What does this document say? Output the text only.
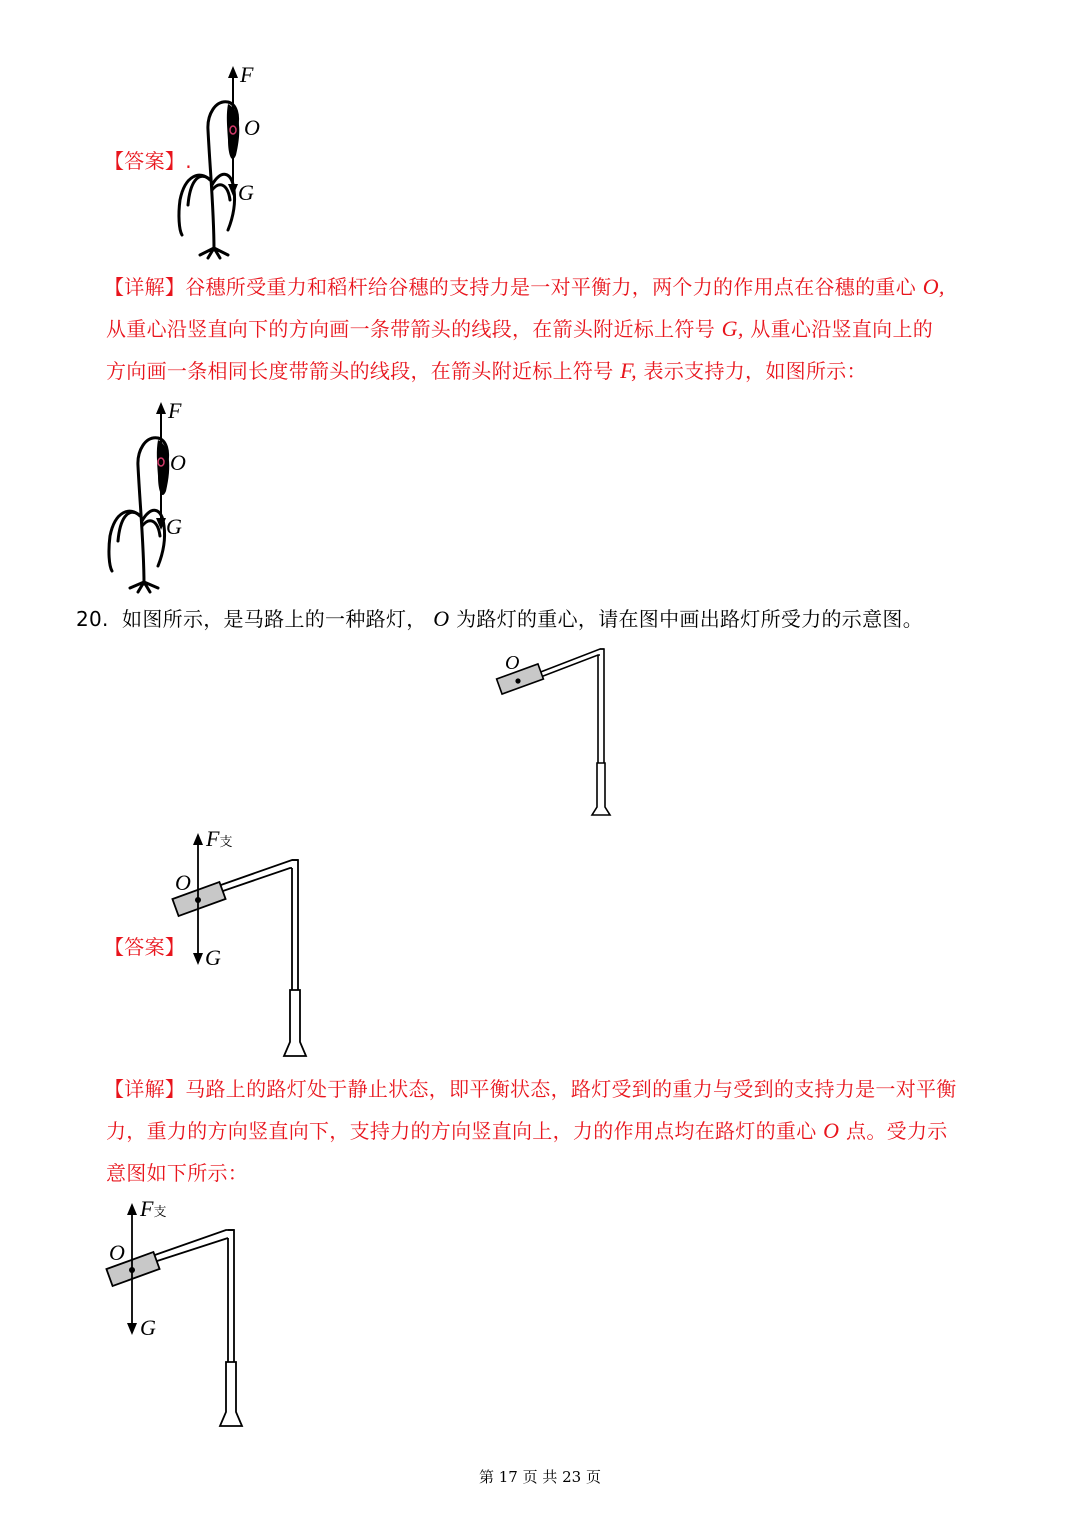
【答案】.
F
O
G
【详解】谷穗所受重力和稻杆给谷穗的支持力是一对平衡力，两个力的作用点在谷穗的重心 O,
从重心沿竖直向下的方向画一条带箭头的线段，在箭头附近标上符号 G, 从重心沿竖直向上的
方向画一条相同长度带箭头的线段，在箭头附近标上符号 F, 表示支持力，如图所示：
F
O
G
20. 如图所示，是马路上的一种路灯， O 为路灯的重心，请在图中画出路灯所受力的示意图。
O
【答案】
F支
O
G
【详解】马路上的路灯处于静止状态，即平衡状态，路灯受到的重力与受到的支持力是一对平衡
力，重力的方向竖直向下，支持力的方向竖直向上，力的作用点均在路灯的重心 O 点。受力示
意图如下所示：
F支
O
G
第 17 页 共 23 页
